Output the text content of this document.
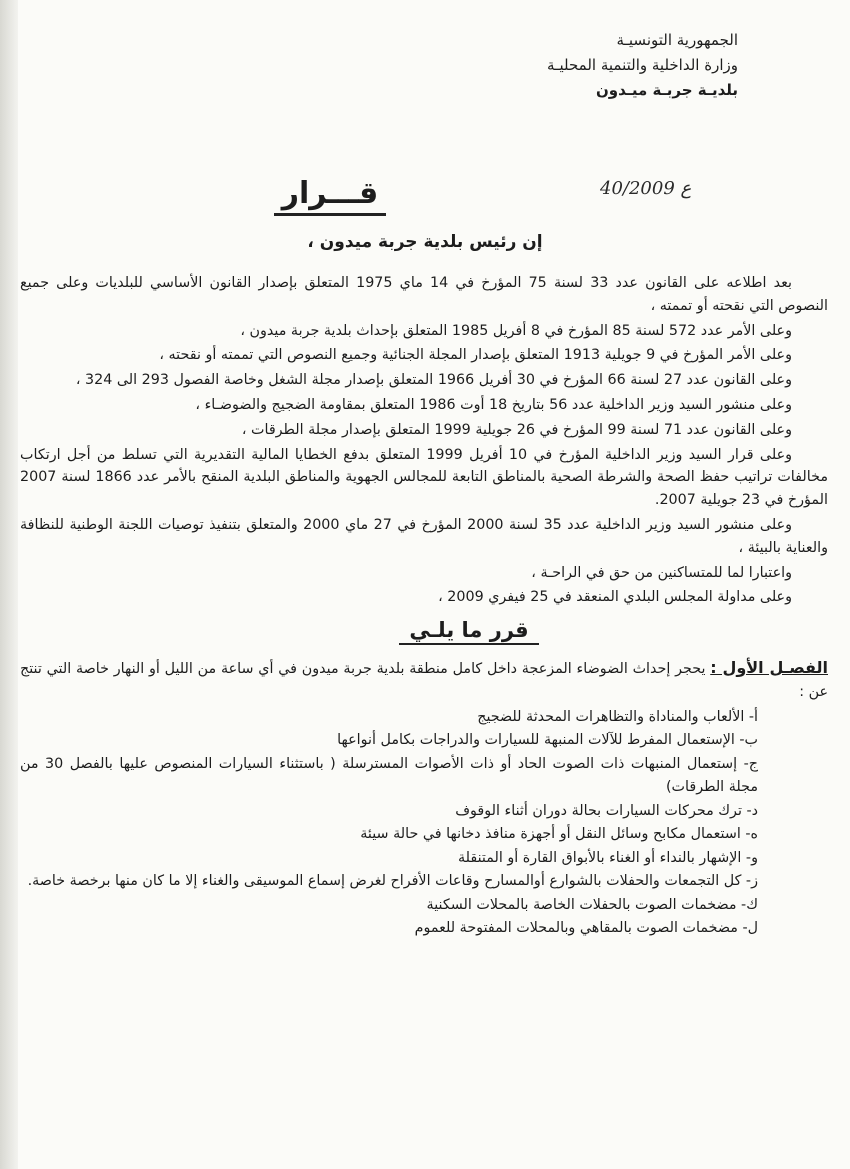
الجمهورية التونسيـة
وزارة الداخلية والتنمية المحليـة
بلديـة جربـة ميـدون
قـــرار	ع 40/2009
إن رئيس بلدية جربة ميدون ،

بعد اطلاعه على القانون عدد 33 لسنة 75 المؤرخ في 14 ماي 1975 المتعلق بإصدار القانون الأساسي للبلديات وعلى جميع النصوص التي نقحته أو تممته ،

وعلى الأمر عدد 572 لسنة 85 المؤرخ في 8 أفريل 1985 المتعلق بإحداث بلدية جربة ميدون ،

وعلى الأمر المؤرخ في 9 جويلية 1913 المتعلق بإصدار المجلة الجنائية وجميع النصوص التي تممته أو نقحته ،

وعلى القانون عدد 27 لسنة 66 المؤرخ في 30 أفريل 1966 المتعلق بإصدار مجلة الشغل وخاصة الفصول 293 الى 324 ،

وعلى منشور السيد وزير الداخلية عدد 56 بتاريخ 18 أوت 1986 المتعلق بمقاومة الضجيج والضوضـاء ،

وعلى القانون عدد 71 لسنة 99 المؤرخ في 26 جويلية 1999 المتعلق بإصدار مجلة الطرقات ،

وعلى قرار السيد وزير الداخلية المؤرخ في 10 أفريل 1999 المتعلق بدفع الخطايا المالية التقديرية التي تسلط من أجل ارتكاب مخالفات تراتيب حفظ الصحة والشرطة الصحية بالمناطق التابعة للمجالس الجهوية والمناطق البلدية المنقح بالأمر عدد 1866 لسنة 2007 المؤرخ في 23 جويلية 2007.

وعلى منشور السيد وزير الداخلية عدد 35 لسنة 2000 المؤرخ في 27 ماي 2000 والمتعلق بتنفيذ توصيات اللجنة الوطنية للنظافة والعناية بالبيئة ،

واعتبارا لما للمتساكنين من حق في الراحـة ،

وعلى مداولة المجلس البلدي المنعقد في 25 فيفري 2009 ،

قرر ما يلـي

الفصـل الأول : يحجر إحداث الضوضاء المزعجة داخل كامل منطقة بلدية جربة ميدون في أي ساعة من الليل أو النهار خاصة التي تنتج عن :

أ- الألعاب والمناداة والتظاهرات المحدثة للضجيج
ب- الإستعمال المفرط للآلات المنبهة للسيارات والدراجات بكامل أنواعها
ج- إستعمال المنبهات ذات الصوت الحاد أو ذات الأصوات المسترسلة ( باستثناء السيارات المنصوص عليها بالفصل 30 من مجلة الطرقات)
د- ترك محركات السيارات بحالة دوران أثناء الوقوف
ه- استعمال مكابح وسائل النقل أو أجهزة منافذ دخانها في حالة سيئة
و- الإشهار بالنداء أو الغناء بالأبواق القارة أو المتنقلة
ز- كل التجمعات والحفلات بالشوارع أوالمسارح وقاعات الأفراح لغرض إسماع الموسيقى والغناء إلا ما كان منها برخصة خاصة.
ك- مضخمات الصوت بالحفلات الخاصة بالمحلات السكنية
ل- مضخمات الصوت بالمقاهي وبالمحلات المفتوحة للعموم
